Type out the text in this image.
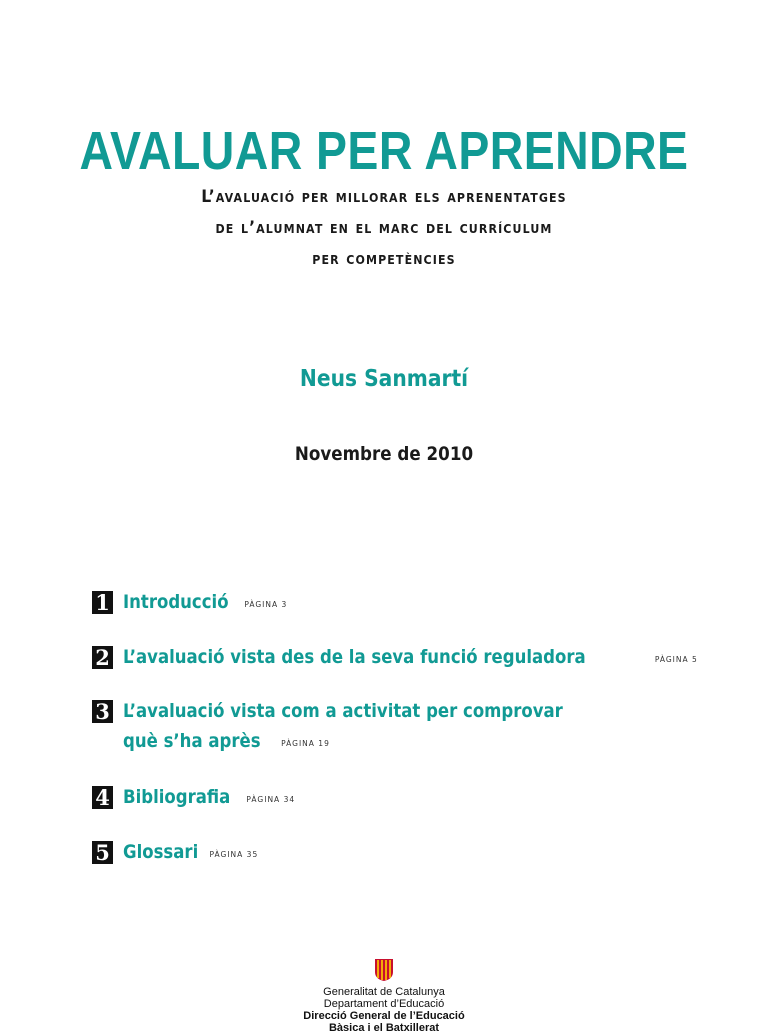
AVALUAR PER APRENDRE
L’avaluació per millorar els aprenentatges
de l’alumnat en el marc del currículum
per competències
Neus Sanmartí
Novembre de 2010
1 Introducció PÀGINA 3
2 L’avaluació vista des de la seva funció reguladora	PÀGINA 5
3 L’avaluació vista com a activitat per comprovar
què s’ha après	PÀGINA 19
4 Bibliografia PÀGINA 34
5 Glossari PÀGINA 35
Generalitat de Catalunya
Departament d’Educació
Direcció General de l’Educació
Bàsica i el Batxillerat
